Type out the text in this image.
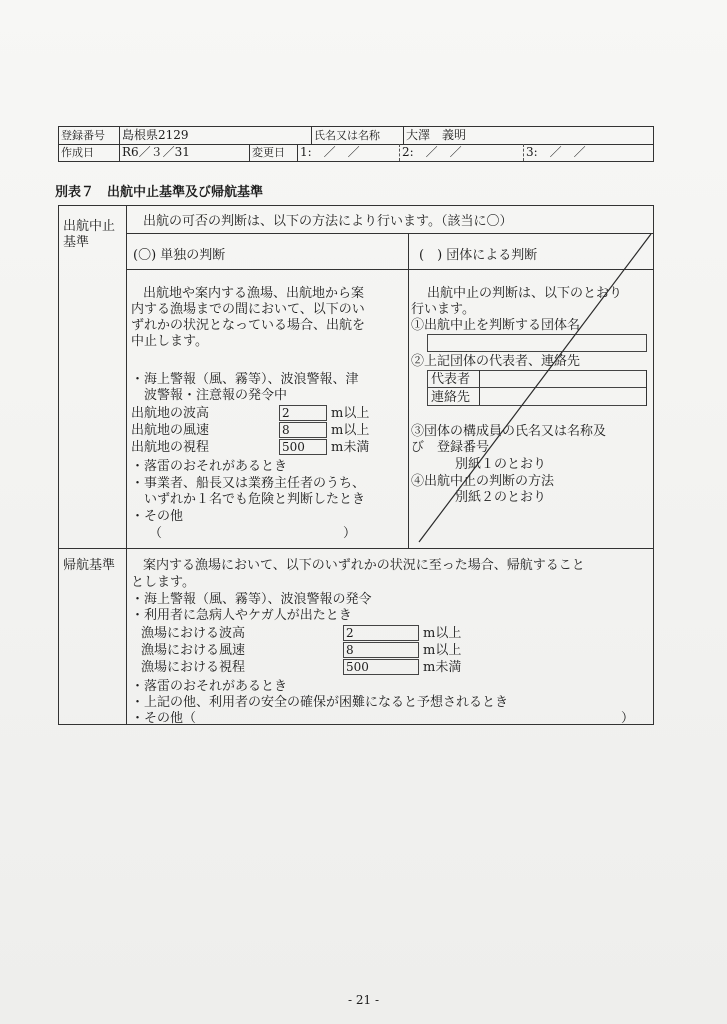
登録番号	島根県2129	氏名又は名称	大澤　義明
作成日	R6／３／31	変更日	1:　／　／	2:　／　／	3:　／　／
別表７　出航中止基準及び帰航基準
出航中止
基準
出航の可否の判断は、以下の方法により行います。（該当に〇）
(〇) 単独の判断
出航地や案内する漁場、出航地から案
内する漁場までの間において、以下のい
ずれかの状況となっている場合、出航を
中止します。
・海上警報（風、霧等）、波浪警報、津
　波警報・注意報の発令中
出航地の波高	2	m以上
出航地の風速	8	m以上
出航地の視程	500	m未満
・落雷のおそれがあるとき
・事業者、船長又は業務主任者のうち、
　いずれか１名でも危険と判断したとき
・その他
（	）
(　) 団体による判断
出航中止の判断は、以下のとおり
行います。
①出航中止を判断する団体名
②上記団体の代表者、連絡先
代表者
連絡先
③団体の構成員の氏名又は名称及
び　登録番号
別紙１のとおり
④出航中止の判断の方法
別紙２のとおり
帰航基準 案内する漁場において、以下のいずれかの状況に至った場合、帰航すること
とします。
・海上警報（風、霧等）、波浪警報の発令
・利用者に急病人やケガ人が出たとき
漁場における波高	2	m以上
漁場における風速	8	m以上
漁場における視程	500	m未満
・落雷のおそれがあるとき
・上記の他、利用者の安全の確保が困難になると予想されるとき
・その他（	）
- 21 -
